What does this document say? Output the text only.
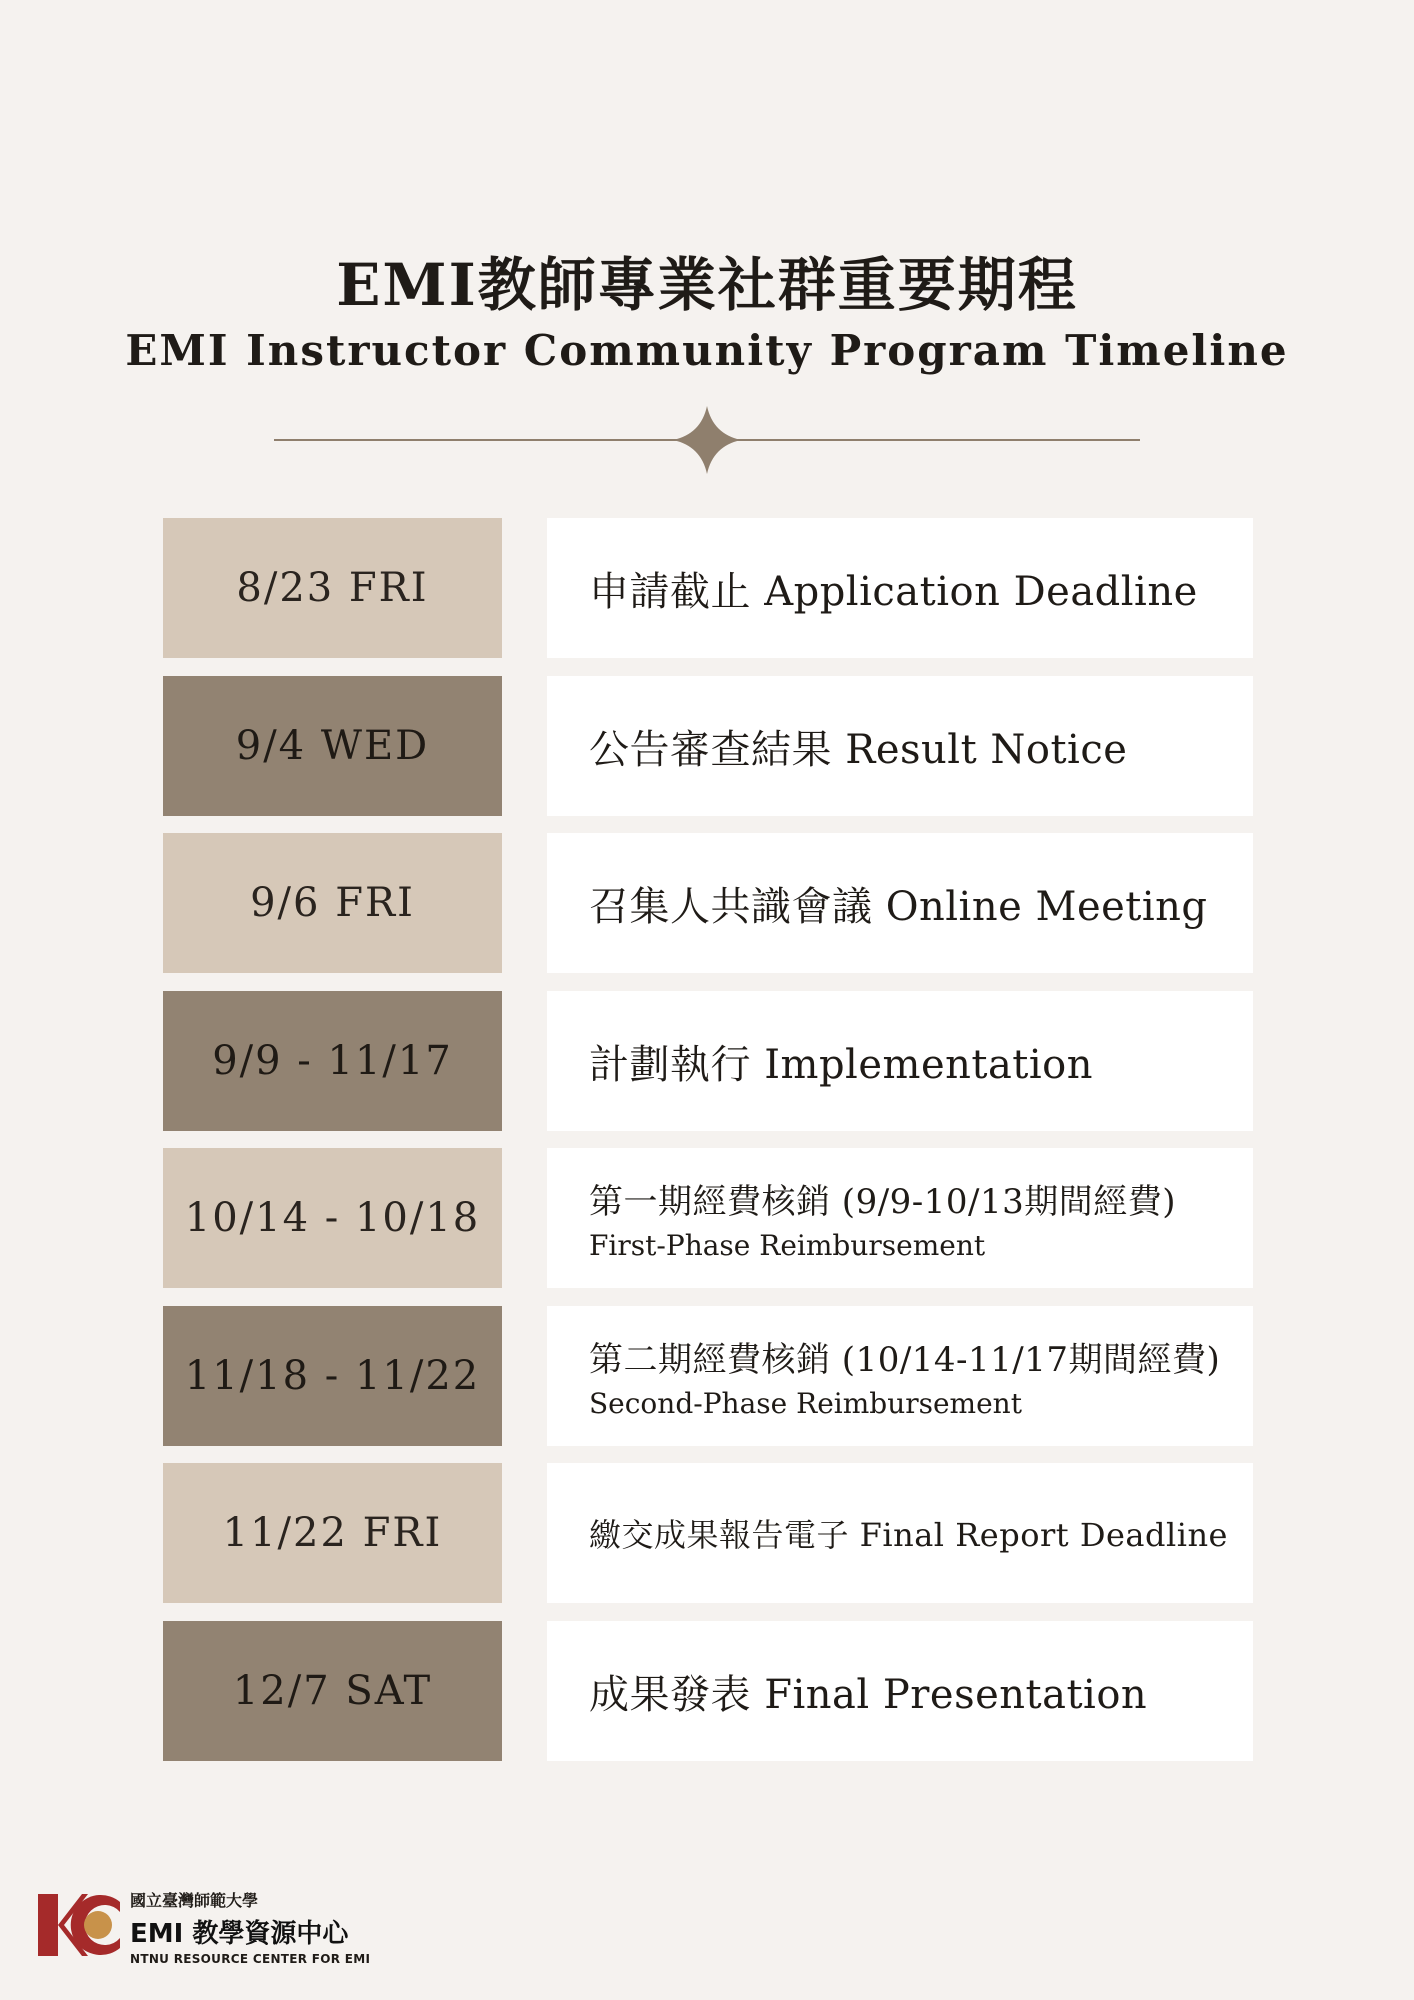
EMI教師專業社群重要期程
EMI Instructor Community Program Timeline
8/23 FRI	申請截止 Application Deadline
9/4 WED	公告審查結果 Result Notice
9/6 FRI	召集人共識會議 Online Meeting
9/9 - 11/17	計劃執行 Implementation
10/14 - 10/18	第一期經費核銷 (9/9-10/13期間經費)
First-Phase Reimbursement
11/18 - 11/22	第二期經費核銷 (10/14-11/17期間經費)
Second-Phase Reimbursement
11/22 FRI	繳交成果報告電子 Final Report Deadline
12/7 SAT	成果發表 Final Presentation
國立臺灣師範大學
EMI 教學資源中心
NTNU RESOURCE CENTER FOR EMI
